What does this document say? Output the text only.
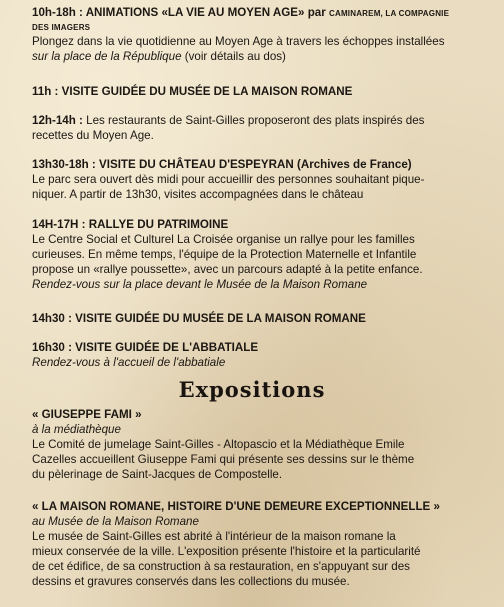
10h-18h : ANIMATIONS «LA VIE AU MOYEN AGE» par CAMINAREM, LA COMPAGNIE
DES IMAGERS
Plongez dans la vie quotidienne au Moyen Age à travers les échoppes installées
sur la place de la République (voir détails au dos)
11h : VISITE GUIDÉE DU MUSÉE DE LA MAISON ROMANE
12h-14h : Les restaurants de Saint-Gilles proposeront des plats inspirés des
recettes du Moyen Age.
13h30-18h : VISITE DU CHÂTEAU D'ESPEYRAN (Archives de France)
Le parc sera ouvert dès midi pour accueillir des personnes souhaitant pique-
niquer. A partir de 13h30, visites accompagnées dans le château
14H-17H : RALLYE DU PATRIMOINE
Le Centre Social et Culturel La Croisée organise un rallye pour les familles
curieuses. En même temps, l'équipe de la Protection Maternelle et Infantile
propose un «rallye poussette», avec un parcours adapté à la petite enfance.
Rendez-vous sur la place devant le Musée de la Maison Romane
14h30 : VISITE GUIDÉE DU MUSÉE DE LA MAISON ROMANE
16h30 : VISITE GUIDÉE DE L'ABBATIALE
Rendez-vous à l'accueil de l'abbatiale
Expositions
« GIUSEPPE FAMI »
à la médiathèque
Le Comité de jumelage Saint-Gilles - Altopascio et la Médiathèque Emile
Cazelles accueillent Giuseppe Fami qui présente ses dessins sur le thème
du pèlerinage de Saint-Jacques de Compostelle.
« LA MAISON ROMANE, HISTOIRE D'UNE DEMEURE EXCEPTIONNELLE »
au Musée de la Maison Romane
Le musée de Saint-Gilles est abrité à l'intérieur de la maison romane la
mieux conservée de la ville. L'exposition présente l'histoire et la particularité
de cet édifice, de sa construction à sa restauration, en s'appuyant sur des
dessins et gravures conservés dans les collections du musée.
